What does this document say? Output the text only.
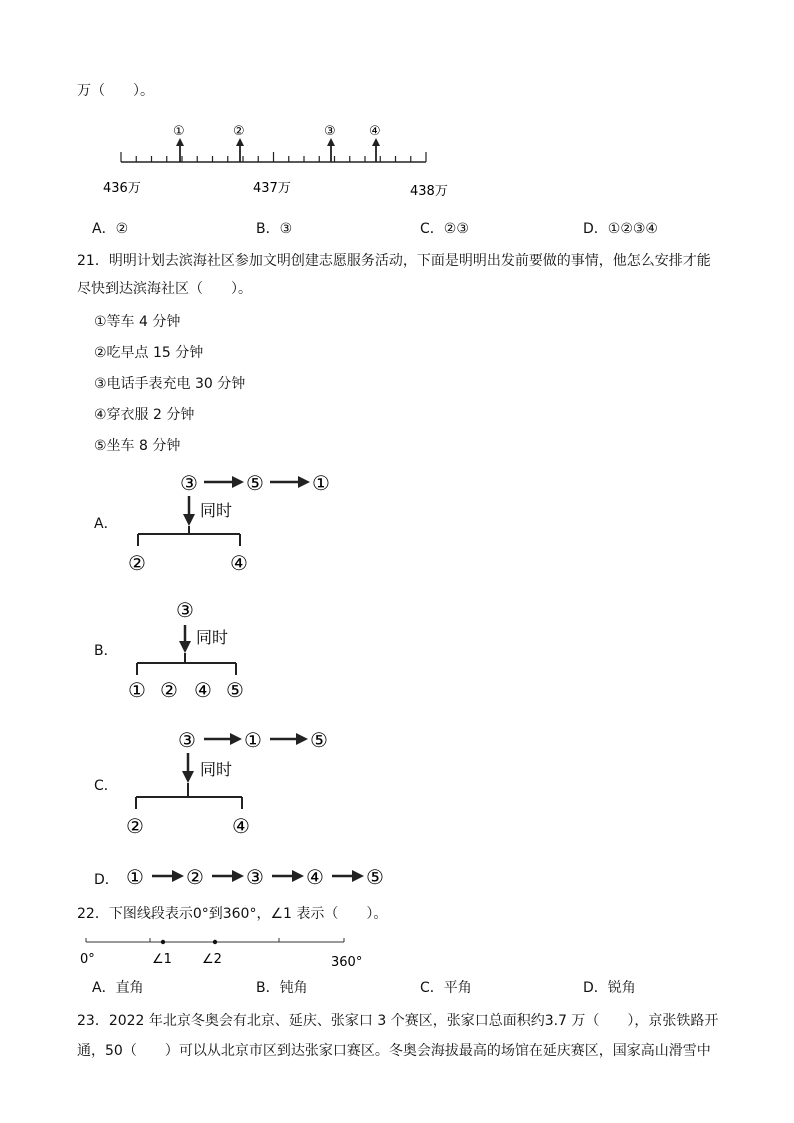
万（　　）。
436万	437万	438万
①	②	③	④
A．②	B．③	C．②③	D．①②③④
21．明明计划去滨海社区参加文明创建志愿服务活动，下面是明明出发前要做的事情，他怎么安排才能
尽快到达滨海社区（　　）。
①等车 4 分钟
②吃早点 15 分钟
③电话手表充电 30 分钟
④穿衣服 2 分钟
⑤坐车 8 分钟
A．
③ ⑤ ①
同时
②	④
B．
③
同时
① ② ④ ⑤
C．
③ ① ⑤
同时
②	④
D． ① ② ③ ④ ⑤
22．下图线段表示0°到360°，∠1 表示（　　）。
0°	∠1 ∠2	360°
A．直角	B．钝角	C．平角	D．锐角
23．2022 年北京冬奥会有北京、延庆、张家口 3 个赛区，张家口总面积约3.7 万（　　），京张铁路开
通，50（　　）可以从北京市区到达张家口赛区。冬奥会海拔最高的场馆在延庆赛区，国家高山滑雪中
